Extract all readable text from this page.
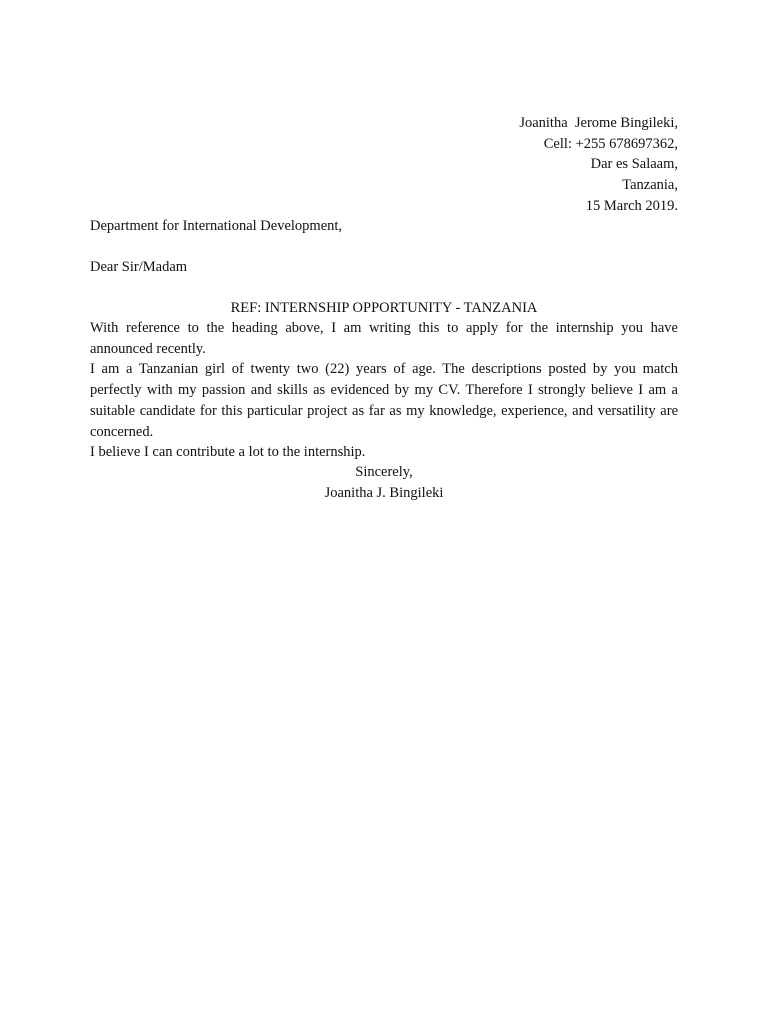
Joanitha  Jerome Bingileki,
Cell: +255 678697362,
Dar es Salaam,
Tanzania,
15 March 2019.
Department for International Development,
Dear Sir/Madam
REF: INTERNSHIP OPPORTUNITY - TANZANIA

With reference to the heading above, I am writing this to apply for the internship you have announced recently.

I am a Tanzanian girl of twenty two (22) years of age. The descriptions posted by you match perfectly with my passion and skills as evidenced by my CV. Therefore I strongly believe I am a suitable candidate for this particular project as far as my knowledge, experience, and versatility are concerned.

I believe I can contribute a lot to the internship.

Sincerely,
Joanitha J. Bingileki
